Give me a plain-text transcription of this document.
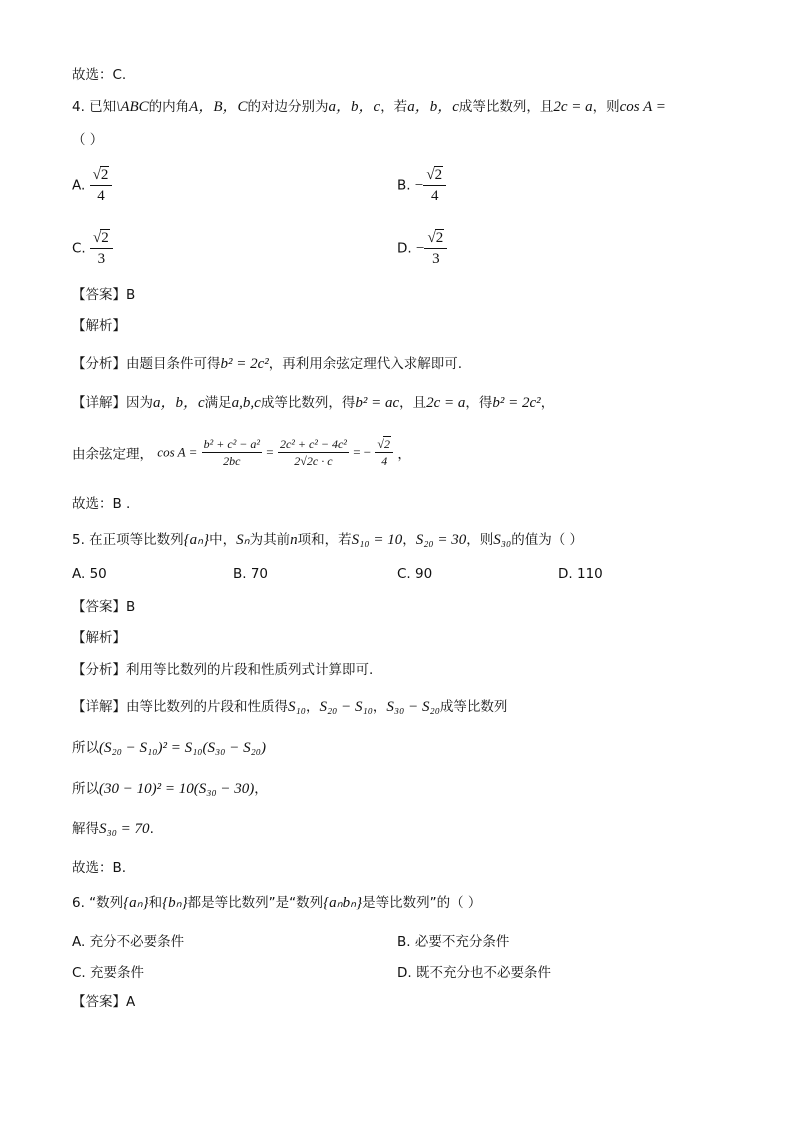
故选：C.
4. 已知\ABC的内角A，B，C的对边分别为a，b，c，若a，b，c成等比数列，且2c = a，则cos A =
（ ）
A. $\frac{√2}{4}$	B. − $\frac{√2}{4}$
C. $\frac{√2}{3}$	D. − $\frac{√2}{3}$
【答案】B
【解析】
【分析】由题目条件可得b² = 2c²，再利用余弦定理代入求解即可.
【详解】因为a，b，c满足a,b,c成等比数列，得b² = ac，且2c = a，得b² = 2c²，
由余弦定理， $\cos A = \frac{\text{b² + c² − a²}}{2bc} = \frac{\text{2c² + c² − 4c²}}{2√2c \cdot c}$ = − $\frac{√2}{4}$ ，
故选：B .
5. 在正项等比数列{aₙ}中，Sₙ为其前n项和，若S₁₀ = 10，S₂₀ = 30，则S₃₀的值为（ ）
A. 50	B. 70	C. 90	D. 110
【答案】B
【解析】
【分析】利用等比数列的片段和性质列式计算即可.
【详解】由等比数列的片段和性质得S₁₀，S₂₀ − S₁₀，S₃₀ − S₂₀成等比数列
所以(S₂₀ − S₁₀)² = S₁₀(S₃₀ − S₂₀)
所以(30 − 10)² = 10(S₃₀ − 30)，
解得S₃₀ = 70.
故选：B.
6. “数列{aₙ}和{bₙ}都是等比数列”是“数列{aₙbₙ}是等比数列”的（ ）
A. 充分不必要条件	B. 必要不充分条件
C. 充要条件	D. 既不充分也不必要条件
【答案】A
